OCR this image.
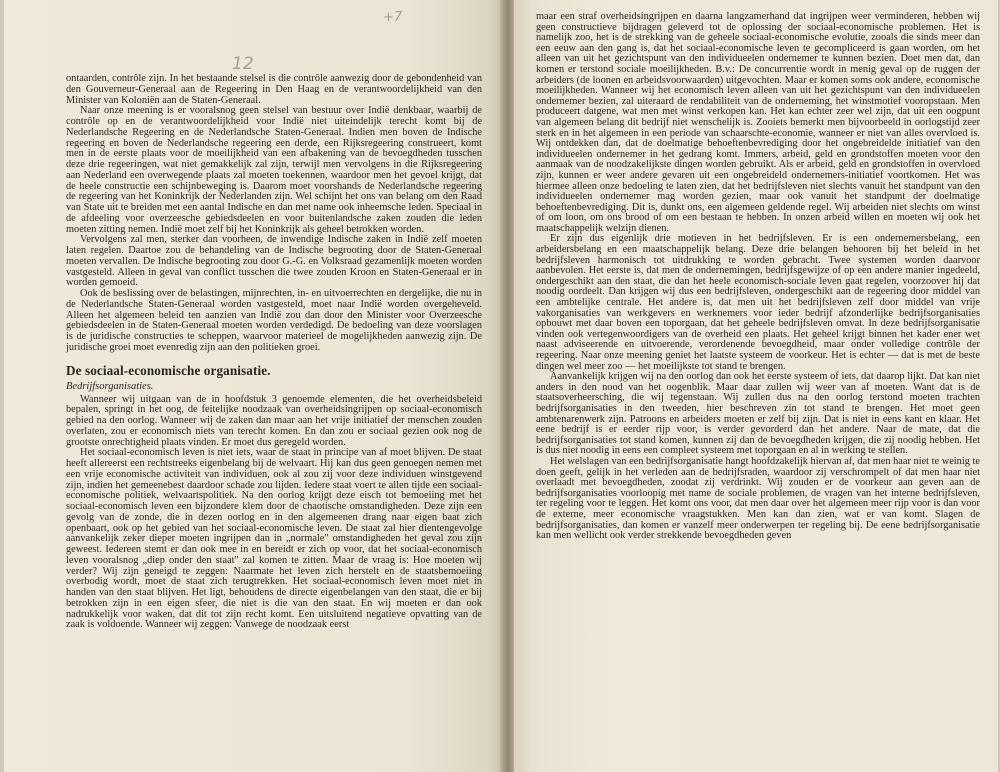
12

ontaarden, contrôle zijn. In het bestaande stelsel is die contrôle aanwezig door de gebondenheid van den Gouverneur-Generaal aan de Regeering in Den Haag en de verantwoordelijkheid van den Minister van Koloniën aan de Staten-Generaal.

Naar onze meening is er vooralsnog geen stelsel van bestuur over Indië denkbaar, waarbij de contrôle op en de verantwoordelijkheid voor Indië niet uiteindelijk terecht komt bij de Nederlandsche Regeering en de Nederlandsche Staten-Generaal. Indien men boven de Indische regeering en boven de Nederlandsche regeering een derde, een Rijksregeering construeert, komt men in de eerste plaats voor de moeilijkheid van een afbakening van de bevoegdheden tusschen deze drie regeeringen, wat niet gemakkelijk zal zijn, terwijl men vervolgens in die Rijksregeering aan Nederland een overwegende plaats zal moeten toekennen, waardoor men het gevoel krijgt, dat de heele constructie een schijnbeweging is. Daarom moet voorshands de Nederlandsche regeering de regeering van het Koninkrijk der Nederlanden zijn. Wel schijnt het ons van belang om den Raad van State uit te breiden met een aantal Indische en dan met name ook inheemsche leden. Speciaal in de afdeeling voor overzeesche gebiedsdeelen en voor buitenlandsche zaken zouden die leden moeten zitting nemen. Indië moet zelf bij het Koninkrijk als geheel betrokken worden.

Vervolgens zal men, sterker dan voorheen, de inwendige Indische zaken in Indië zelf moeten laten regelen. Daartoe zou de behandeling van de Indische begrooting door de Staten-Generaal moeten vervallen. De Indische begrooting zou door G.-G. en Volksraad gezamenlijk moeten worden vastgesteld. Alleen in geval van conflict tusschen die twee zouden Kroon en Staten-Generaal er in worden gemoeid.

Ook de beslissing over de belastingen, mijnrechten, in- en uitvoerrechten en dergelijke, die nu in de Nederlandsche Staten-Generaal worden vastgesteld, moet naar Indië worden overgeheveld. Alleen het algemeen beleid ten aanzien van Indië zou dan door den Minister voor Overzeesche gebiedsdeelen in de Staten-Generaal moeten worden verdedigd. De bedoeling van deze voorslagen is de juridische constructies te scheppen, waarvoor materieel de mogelijkheden aanwezig zijn. De juridische groei moet evenredig zijn aan den politieken groei.

De sociaal-economische organisatie.
Bedrijfsorganisaties.

Wanneer wij uitgaan van de in hoofdstuk 3 genoemde elementen, die het overheidsbeleid bepalen, springt in het oog, de feitelijke noodzaak van overheidsingrijpen op sociaal-economisch gebied na den oorlog. Wanneer wij de zaken dan maar aan het vrije initiatief der menschen zouden overlaten, zou er economisch niets van terecht komen. En dan zou er sociaal gezien ook nog de grootste onrechtigheid plaats vinden. Er moet dus geregeld worden.

Het sociaal-economisch leven is niet iets, waar de staat in principe van af moet blijven. De staat heeft allereerst een rechtstreeks eigenbelang bij de welvaart. Hij kan dus geen genoegen nemen met een vrije economische activiteit van individuen, ook al zou zij voor deze individuen winstgevend zijn, indien het gemeenebest daardoor schade zou lijden. Iedere staat voert te allen tijde een sociaal-economische politiek, welvaartspolitiek. Na den oorlog krijgt deze eisch tot bemoeiing met het sociaal-economisch leven een bijzondere klem door de chaotische omstandigheden. Deze zijn een gevolg van de zonde, die in dezen oorlog en in den algemeenen drang naar eigen baat zich openbaart, ook op het gebied van het sociaal-economische leven. De staat zal hier dientengevolge aanvankelijk zeker dieper moeten ingrijpen dan in „normale" omstandigheden het geval zou zijn geweest. Iedereen stemt er dan ook mee in en bereidt er zich op voor, dat het sociaal-economisch leven vooralsnog „diep onder den staat" zal komen te zitten. Maar de vraag is: Hoe moeten wij verder? Wij zijn geneigd te zeggen: Naarmate het leven zich herstelt en de staatsbemoeiing overbodig wordt, moet de staat zich terugtrekken. Het sociaal-economisch leven moet niet in handen van den staat blijven. Het ligt, behoudens de directe eigenbelangen van den staat, die er bij betrokken zijn in een eigen sfeer, die niet is die van den staat. En wij moeten er dan ook nadrukkelijk voor waken, dat dit tot zijn recht komt. Een uitsluitend negatieve opvatting van de zaak is voldoende. Wanneer wij zeggen: Vanwege de noodzaak eerst

maar een straf overheidsingrijpen en daarna langzamerhand dat ingrijpen weer verminderen, hebben wij geen constructieve bijdragen geleverd tot de oplossing der sociaal-economische problemen. Het is namelijk zoo, het is de strekking van de geheele sociaal-economische evolutie, zooals die sinds meer dan een eeuw aan den gang is, dat het sociaal-economische leven te gecompliceerd is gaan worden, om het alleen van uit het gezichtspunt van den individueelen ondernemer te kunnen bezien. Doet men dat, dan komen er terstond sociale moeilijkheden. B.v.: De concurrentie wordt in menig geval op de ruggen der arbeiders (de loonen en arbeidsvoorwaarden) uitgevochten. Maar er komen soms ook andere, economische moeilijkheden. Wanneer wij het economisch leven alleen van uit het gezichtspunt van den individueelen ondernemer bezien, zal uiteraard de rendabiliteit van de onderneming, het winstmotief vooropstaan. Men produceert datgene, wat men met winst verkopen kan. Het kan echter zeer wel zijn, dat uit een oogpunt van algemeen belang dit bedrijf niet wenschelijk is. Zooiets bemerkt men bijvoorbeeld in oorlogstijd zeer sterk en in het algemeen in een periode van schaarschte-economie, wanneer er niet van alles overvloed is. Wij ontdekken dan, dat de doelmatige behoeftenbevrediging door het ongebreidelde initiatief van den individueelen ondernemer in het gedrang komt. Immers, arbeid, geld en grondstoffen moeten voor den aanmaak van de noodzakelijkste dingen worden gebruikt. Als er arbeid, geld en grondstoffen in overvloed zijn, kunnen er weer andere gevaren uit een ongebreideld ondernemers-initiatief voortkomen. Het was hiermee alleen onze bedoeling te laten zien, dat het bedrijfsleven niet slechts vanuit het standpunt van den individueelen ondernemer mag worden gezien, maar ook vanuit het standpunt der doelmatige behoeftenbevrediging. Dit is, dunkt ons, een algemeen geldende regel. Wij arbeiden niet slechts om winst of om loon, om ons brood of om een bestaan te hebben. In onzen arbeid willen en moeten wij ook het maatschappelijk welzijn dienen.

Er zijn dus eigenlijk drie motieven in het bedrijfsleven. Er is een ondernemersbelang, een arbeidersbelang en een maatschappelijk belang. Deze drie belangen behooren bij het beleid in het bedrijfsleven harmonisch tot uitdrukking te worden gebracht. Twee systemen worden daarvoor aanbevolen. Het eerste is, dat men de ondernemingen, bedrijfsgewijze of op een andere manier ingedeeld, ondergeschikt aan den staat, die dan het heele economisch-sociale leven gaat regelen, voorzoover hij dat noodig oordeelt. Dan krijgen wij dus een bedrijfsleven, ondergeschikt aan de regeering door middel van een ambtelijke centrale. Het andere is, dat men uit het bedrijfsleven zelf door middel van vrije vakorganisaties van werkgevers en werknemers voor ieder bedrijf afzonderlijke bedrijfsorganisaties opbouwt met daar boven een toporgaan, dat het geheele bedrijfsleven omvat. In deze bedrijfsorganisatie vinden ook vertegenwoordigers van de overheid een plaats. Het geheel krijgt binnen het kader ener wet naast adviseerende en uitvoerende, verordenende bevoegdheid, maar onder volledige contrôle der regeering. Naar onze meening geniet het laatste systeem de voorkeur. Het is echter — dat is met de beste dingen wel meer zoo — het moeilijkste tot stand te brengen.

Aanvankelijk krijgen wij na den oorlog dan ook het eerste systeem of iets, dat daarop lijkt. Dat kan niet anders in den nood van het oogenblik. Maar daar zullen wij weer van af moeten. Want dat is de staatsoverheersching, die wij tegenstaan. Wij zullen dus na den oorlog terstond moeten trachten bedrijfsorganisaties in den tweeden, hier beschreven zin tot stand te brengen. Het moet geen ambtenarenwerk zijn. Patroons en arbeiders moeten er zelf bij zijn. Dat is niet in eens kant en klaar. Het eene bedrijf is er eerder rijp voor, is verder gevorderd dan het andere. Naar de mate, dat die bedrijfsorganisaties tot stand komen, kunnen zij dan de bevoegdheden krijgen, die zij noodig hebben. Het is dus niet noodig in eens een compleet systeem met toporgaan en al in werking te stellen.

Het welslagen van een bedrijfsorganisatie hangt hoofdzakelijk hiervan af, dat men haar niet te weinig te doen geeft, gelijk in het verleden aan de bedrijfsraden, waardoor zij verschrompelt of dat men haar niet overlaadt met bevoegdheden, zoodat zij verdrinkt. Wij zouden er de voorkeur aan geven aan de bedrijfsorganisaties voorloopig met name de sociale problemen, de vragen van het interne bedrijfsleven, ter regeling voor te leggen. Het komt ons voor, dat men daar over het algemeen meer rijp voor is dan voor de externe, meer economische vraagstukken. Men kan dan zien, wat er van komt. Slagen de bedrijfsorganisaties, dan komen er vanzelf meer onderwerpen ter regeling bij. De eene bedrijfsorganisatie kan men wellicht ook verder strekkende bevoegdheden geven

+7
